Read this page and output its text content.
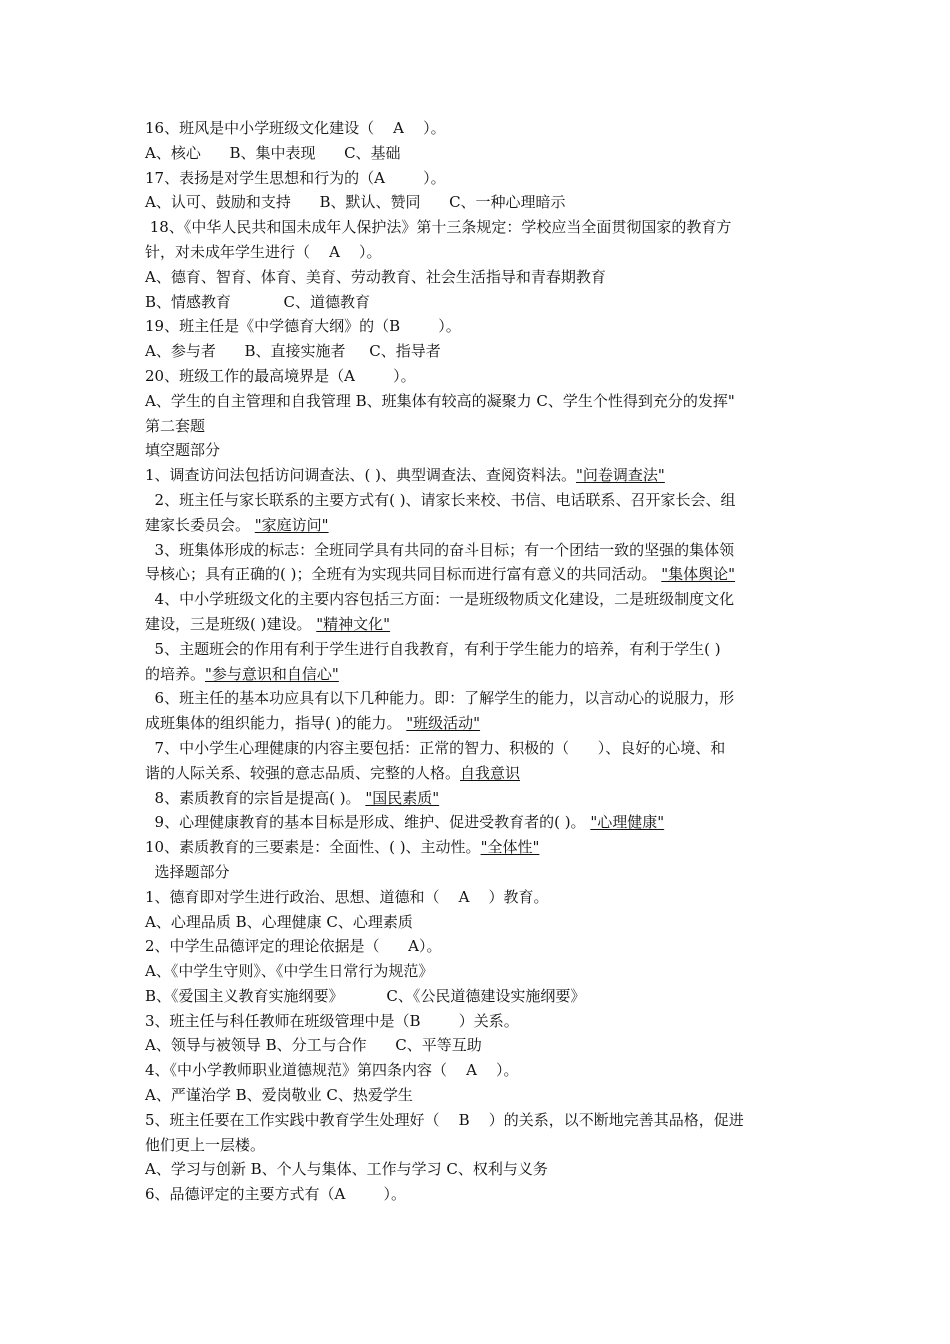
16、班风是中小学班级文化建设（    A    ）。
A、核心      B、集中表现      C、基础
17、表扬是对学生思想和行为的（A        ）。
A、认可、鼓励和支持      B、默认、赞同      C、一种心理暗示
18、《中华人民共和国未成年人保护法》第十三条规定：学校应当全面贯彻国家的教育方
针，对未成年学生进行（    A    ）。
A、德育、智育、体育、美育、劳动教育、社会生活指导和青春期教育
B、情感教育           C、道德教育
19、班主任是《中学德育大纲》的（B        ）。
A、参与者      B、直接实施者     C、指导者
20、班级工作的最高境界是（A        ）。
A、学生的自主管理和自我管理 B、班集体有较高的凝聚力 C、学生个性得到充分的发挥"
第二套题
填空题部分
1、调查访问法包括访问调查法、( )、典型调查法、查阅资料法。"问卷调查法"
2、班主任与家长联系的主要方式有( )、请家长来校、书信、电话联系、召开家长会、组
建家长委员会。 "家庭访问"
3、班集体形成的标志：全班同学具有共同的奋斗目标；有一个团结一致的坚强的集体领
导核心；具有正确的( )；全班有为实现共同目标而进行富有意义的共同活动。 "集体舆论"
4、中小学班级文化的主要内容包括三方面：一是班级物质文化建设，二是班级制度文化
建设，三是班级( )建设。 "精神文化"
5、主题班会的作用有利于学生进行自我教育，有利于学生能力的培养，有利于学生( )
的培养。"参与意识和自信心"
6、班主任的基本功应具有以下几种能力。即：了解学生的能力，以言动心的说服力，形
成班集体的组织能力，指导( )的能力。 "班级活动"
7、中小学生心理健康的内容主要包括：正常的智力、积极的（      ）、良好的心境、和
谐的人际关系、较强的意志品质、完整的人格。自我意识
8、素质教育的宗旨是提高( )。 "国民素质"
9、心理健康教育的基本目标是形成、维护、促进受教育者的( )。 "心理健康"
10、素质教育的三要素是：全面性、( )、主动性。"全体性"
选择题部分
1、德育即对学生进行政治、思想、道德和（    A    ）教育。
A、心理品质 B、心理健康 C、心理素质
2、中学生品德评定的理论依据是（      A）。
A、《中学生守则》、《中学生日常行为规范》
B、《爱国主义教育实施纲要》         C、《公民道德建设实施纲要》
3、班主任与科任教师在班级管理中是（B        ）关系。
A、领导与被领导 B、分工与合作      C、平等互助
4、《中小学教师职业道德规范》第四条内容（    A    ）。
A、严谨治学 B、爱岗敬业 C、热爱学生
5、班主任要在工作实践中教育学生处理好（    B    ）的关系，以不断地完善其品格，促进
他们更上一层楼。
A、学习与创新 B、个人与集体、工作与学习 C、权利与义务
6、品德评定的主要方式有（A        ）。
